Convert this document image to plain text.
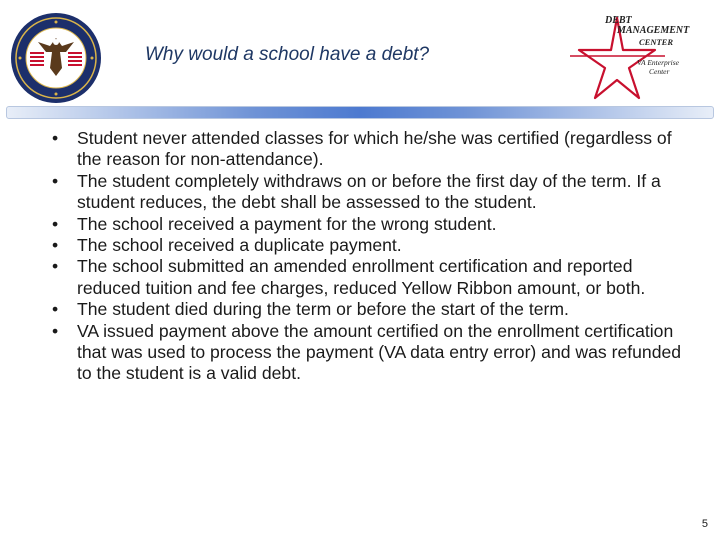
Why would a school have a debt?
DEBT
MANAGEMENT
CENTER
VA Enterprise
Center
• Student never attended classes for which he/she was certified (regardless of the reason for non-attendance).
• The student completely withdraws on or before the first day of the term. If a student reduces, the debt shall be assessed to the student.
• The school received a payment for the wrong student.
• The school received a duplicate payment.
• The school submitted an amended enrollment certification and reported reduced tuition and fee charges, reduced Yellow Ribbon amount, or both.
• The student died during the term or before the start of the term.
• VA issued payment above the amount certified on the enrollment certification that was used to process the payment (VA data entry error) and was refunded to the student is a valid debt.
5
